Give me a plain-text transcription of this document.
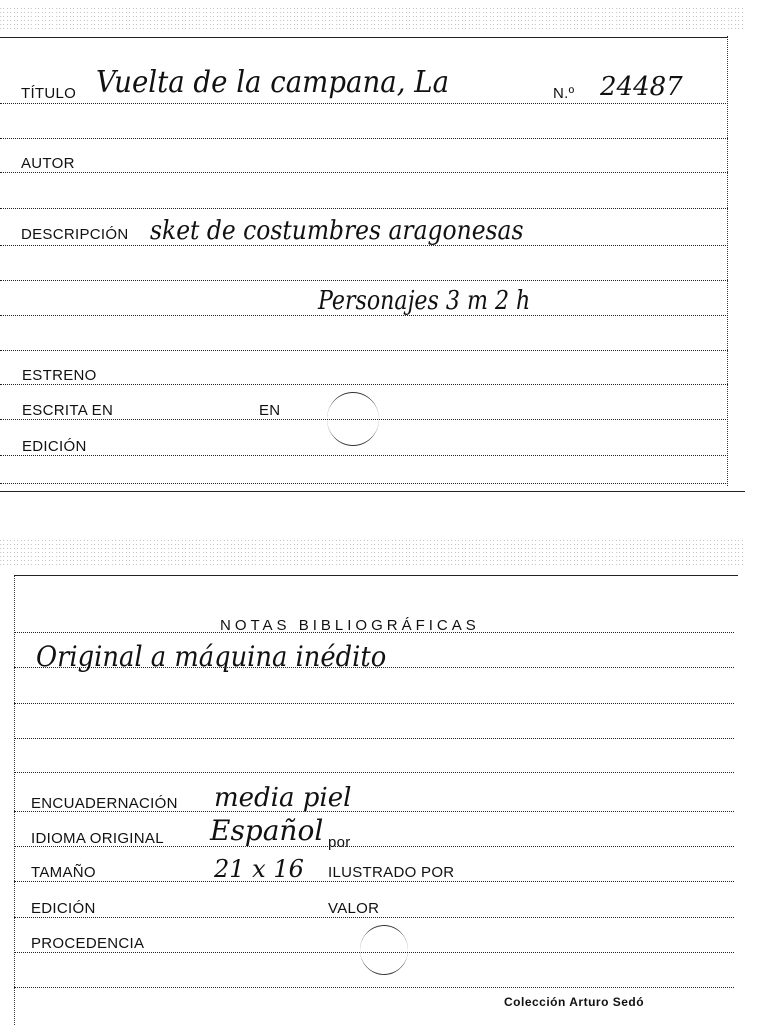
TÍTULO Vuelta de la campana, La	N.º 24487
AUTOR
DESCRIPCIÓN sket de costumbres aragonesas
Personajes 3 m 2 h
ESTRENO
ESCRITA EN	EN
EDICIÓN
NOTAS BIBLIOGRÁFICAS
Original a máquina inédito
ENCUADERNACIÓN media piel
IDIOMA ORIGINAL Español por
TAMAÑO	21 x 16 ILUSTRADO POR
EDICIÓN	VALOR
PROCEDENCIA
Colección Arturo Sedó
